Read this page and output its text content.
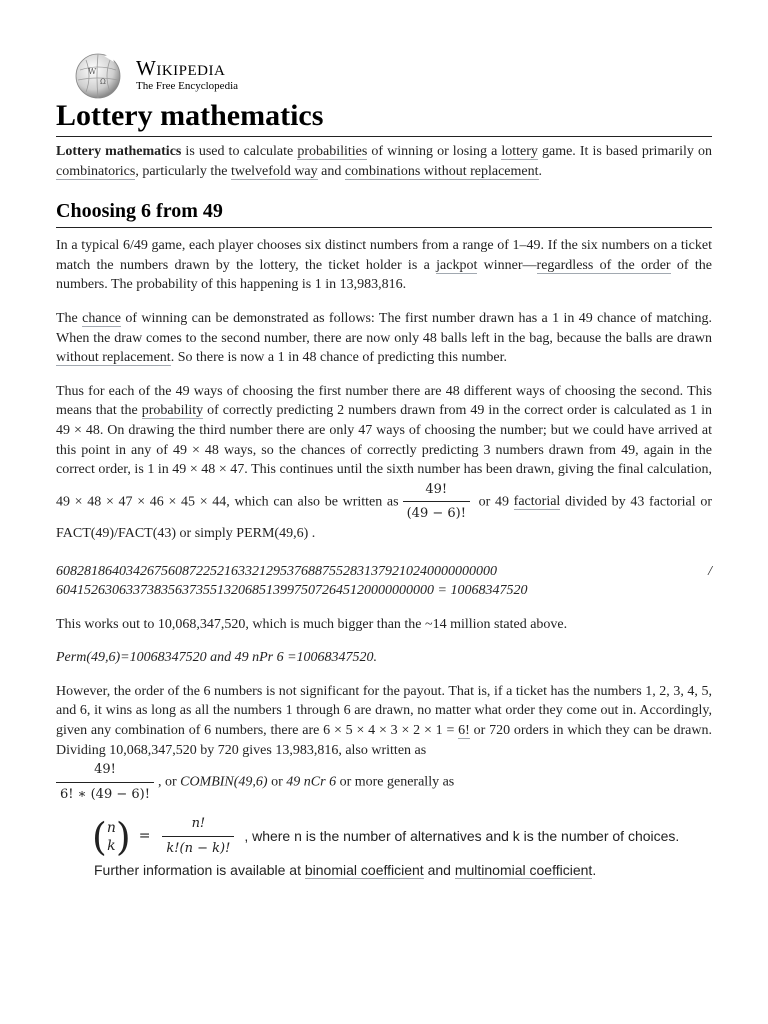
W
Ω
Wikipedia
The Free Encyclopedia
Lottery mathematics

Lottery mathematics is used to calculate probabilities of winning or losing a lottery game. It is based primarily on combinatorics, particularly the twelvefold way and combinations without replacement.

Choosing 6 from 49

In a typical 6/49 game, each player chooses six distinct numbers from a range of 1–49. If the six numbers on a ticket match the numbers drawn by the lottery, the ticket holder is a jackpot winner—regardless of the order of the numbers. The probability of this happening is 1 in 13,983,816.

The chance of winning can be demonstrated as follows: The first number drawn has a 1 in 49 chance of matching. When the draw comes to the second number, there are now only 48 balls left in the bag, because the balls are drawn without replacement. So there is now a 1 in 48 chance of predicting this number.

Thus for each of the 49 ways of choosing the first number there are 48 different ways of choosing the second. This means that the probability of correctly predicting 2 numbers drawn from 49 in the correct order is calculated as 1 in 49 × 48. On drawing the third number there are only 47 ways of choosing the number; but we could have arrived at this point in any of 49 × 48 ways, so the chances of correctly predicting 3 numbers drawn from 49, again in the correct order, is 1 in 49 × 48 × 47. This continues until the sixth number has been drawn, giving the final calculation, 49 × 48 × 47 × 46 × 45 × 44, which can also be written as $\frac{49!}{(49 - 6)!}$ or 49 factorial divided by 43 factorial or FACT(49)/FACT(43) or simply PERM(49,6) .

608281864034267560872252163321295376887552831379210240000000000	/
604152630633738356373551320685139975072645120000000000 = 10068347520

This works out to 10,068,347,520, which is much bigger than the ~14 million stated above.

Perm(49,6)=10068347520 and 49 nPr 6 =10068347520.

However, the order of the 6 numbers is not significant for the payout. That is, if a ticket has the numbers 1, 2, 3, 4, 5, and 6, it wins as long as all the numbers 1 through 6 are drawn, no matter what order they come out in. Accordingly, given any combination of 6 numbers, there are 6 × 5 × 4 × 3 × 2 × 1 = 6! or 720 orders in which they can be drawn. Dividing 10,068,347,520 by 720 gives 13,983,816, also written as

$\frac{49!}{6! ∗ (49 - 6)!}$ , or COMBIN(49,6) or 49 nCr 6 or more generally as

( n
k ) = $\frac{n!}{k!(n - k)!}$ , where n is the number of alternatives and k is the number of choices.
Further information is available at binomial coefficient and multinomial coefficient.
